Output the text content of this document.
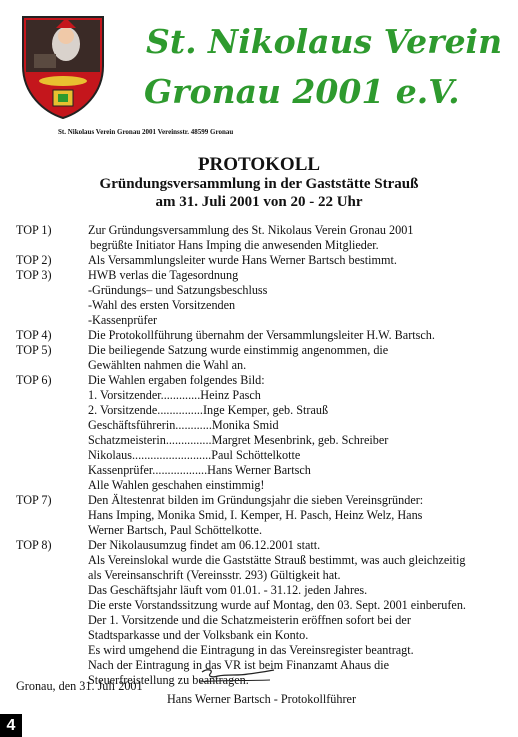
St. Nikolaus Verein
Gronau 2001 e.V.
St. Nikolaus Verein Gronau 2001 Vereinsstr. 48599 Gronau
PROTOKOLL
Gründungsversammlung in der Gaststätte Strauß
am 31. Juli 2001 von 20 - 22 Uhr
TOP 1)	Zur Gründungsversammlung des St. Nikolaus Verein Gronau 2001
begrüßte Initiator Hans Imping die anwesenden Mitglieder.
TOP 2)	Als Versammlungsleiter wurde Hans Werner Bartsch bestimmt.
TOP 3)	HWB verlas die Tagesordnung
-Gründungs– und Satzungsbeschluss
-Wahl des ersten Vorsitzenden
-Kassenprüfer
TOP 4)	Die Protokollführung übernahm der Versammlungsleiter H.W. Bartsch.
TOP 5)	Die beiliegende Satzung wurde einstimmig angenommen, die
Gewählten nahmen die Wahl an.
TOP 6)	Die Wahlen ergaben folgendes Bild:
1. Vorsitzender.............Heinz Pasch
2. Vorsitzende...............Inge Kemper, geb. Strauß
Geschäftsführerin............Monika Smid
Schatzmeisterin...............Margret Mesenbrink, geb. Schreiber
Nikolaus..........................Paul Schöttelkotte
Kassenprüfer..................Hans Werner Bartsch
Alle Wahlen geschahen einstimmig!
TOP 7)	Den Ältestenrat bilden im Gründungsjahr die sieben Vereinsgründer:
Hans Imping, Monika Smid, I. Kemper, H. Pasch, Heinz Welz, Hans
Werner Bartsch, Paul Schöttelkotte.
TOP 8)	Der Nikolausumzug findet am 06.12.2001 statt.
Als Vereinslokal wurde die Gaststätte Strauß bestimmt, was auch gleichzeitig
als Vereinsanschrift (Vereinsstr. 293) Gültigkeit hat.
Das Geschäftsjahr läuft vom 01.01. - 31.12. jeden Jahres.
Die erste Vorstandssitzung wurde auf Montag, den 03. Sept. 2001 einberufen.
Der 1. Vorsitzende und die Schatzmeisterin eröffnen sofort bei der
Stadtsparkasse und der Volksbank ein Konto.
Es wird umgehend die Eintragung in das Vereinsregister beantragt.
Nach der Eintragung in das VR ist beim Finanzamt Ahaus die
Steuerfreistellung zu beantragen.
Gronau, den 31. Juli 2001
Hans Werner Bartsch - Protokollführer
4
